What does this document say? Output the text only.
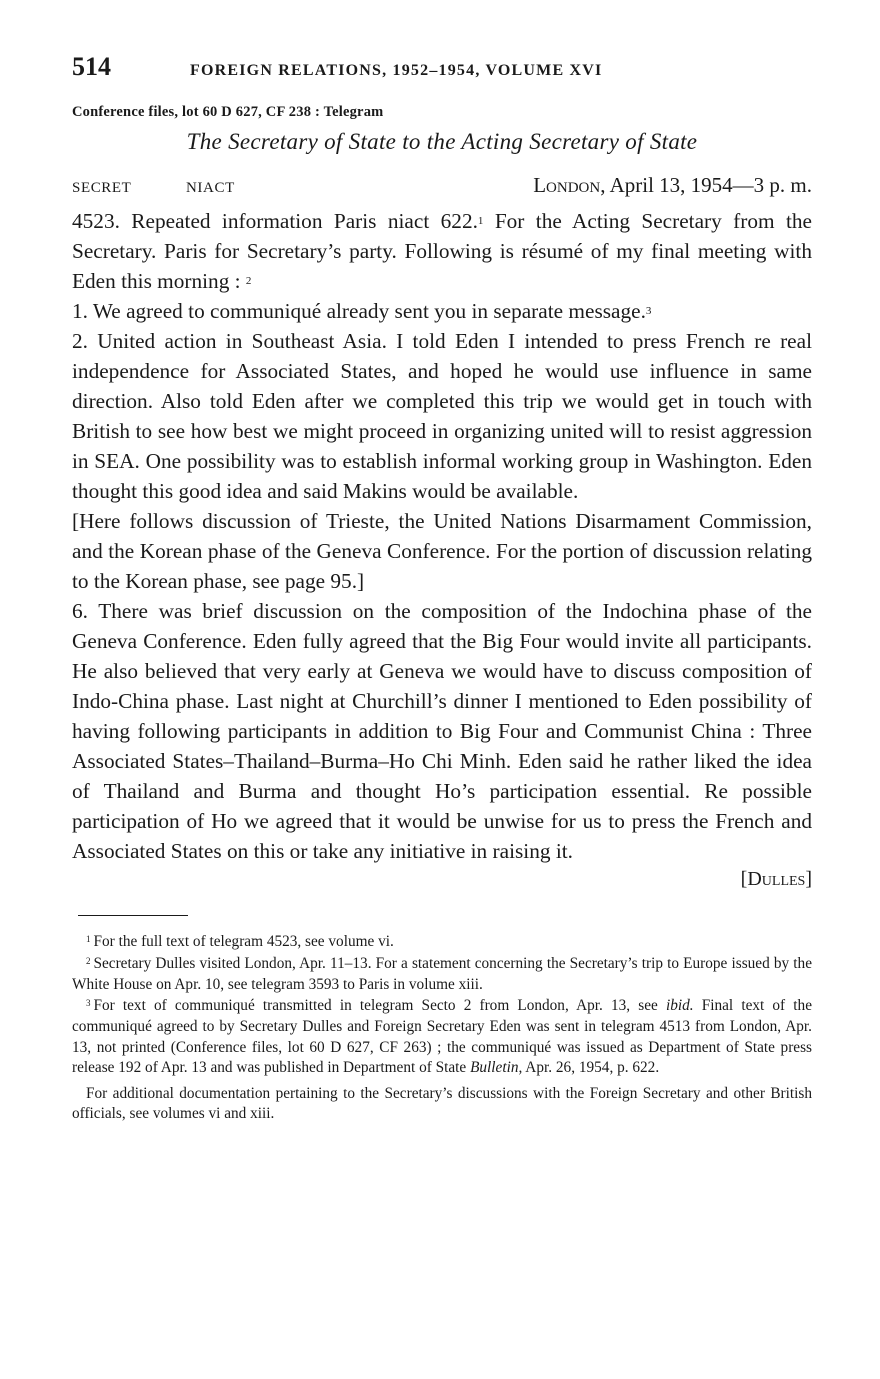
514	FOREIGN RELATIONS, 1952–1954, VOLUME XVI
Conference files, lot 60 D 627, CF 238 : Telegram
The Secretary of State to the Acting Secretary of State
SECRET	NIACT	London, April 13, 1954—3 p. m.

4523. Repeated information Paris niact 622.$^1$ For the Acting Secretary from the Secretary. Paris for Secretary’s party. Following is résumé of my final meeting with Eden this morning : $^2$

1. We agreed to communiqué already sent you in separate message.$^3$

2. United action in Southeast Asia. I told Eden I intended to press French re real independence for Associated States, and hoped he would use influence in same direction. Also told Eden after we completed this trip we would get in touch with British to see how best we might proceed in organizing united will to resist aggression in SEA. One possibility was to establish informal working group in Washington. Eden thought this good idea and said Makins would be available.

[Here follows discussion of Trieste, the United Nations Disarmament Commission, and the Korean phase of the Geneva Conference. For the portion of discussion relating to the Korean phase, see page 95.]

6. There was brief discussion on the composition of the Indochina phase of the Geneva Conference. Eden fully agreed that the Big Four would invite all participants. He also believed that very early at Geneva we would have to discuss composition of Indo-China phase. Last night at Churchill’s dinner I mentioned to Eden possibility of having following participants in addition to Big Four and Communist China : Three Associated States–Thailand–Burma–Ho Chi Minh. Eden said he rather liked the idea of Thailand and Burma and thought Ho’s participation essential. Re possible participation of Ho we agreed that it would be unwise for us to press the French and Associated States on this or take any initiative in raising it.

[Dulles]

$^1$ For the full text of telegram 4523, see volume vi.

$^2$ Secretary Dulles visited London, Apr. 11–13. For a statement concerning the Secretary’s trip to Europe issued by the White House on Apr. 10, see telegram 3593 to Paris in volume xiii.

$^3$ For text of communiqué transmitted in telegram Secto 2 from London, Apr. 13, see ibid. Final text of the communiqué agreed to by Secretary Dulles and Foreign Secretary Eden was sent in telegram 4513 from London, Apr. 13, not printed (Conference files, lot 60 D 627, CF 263) ; the communiqué was issued as Department of State press release 192 of Apr. 13 and was published in Department of State Bulletin, Apr. 26, 1954, p. 622.

For additional documentation pertaining to the Secretary’s discussions with the Foreign Secretary and other British officials, see volumes vi and xiii.
